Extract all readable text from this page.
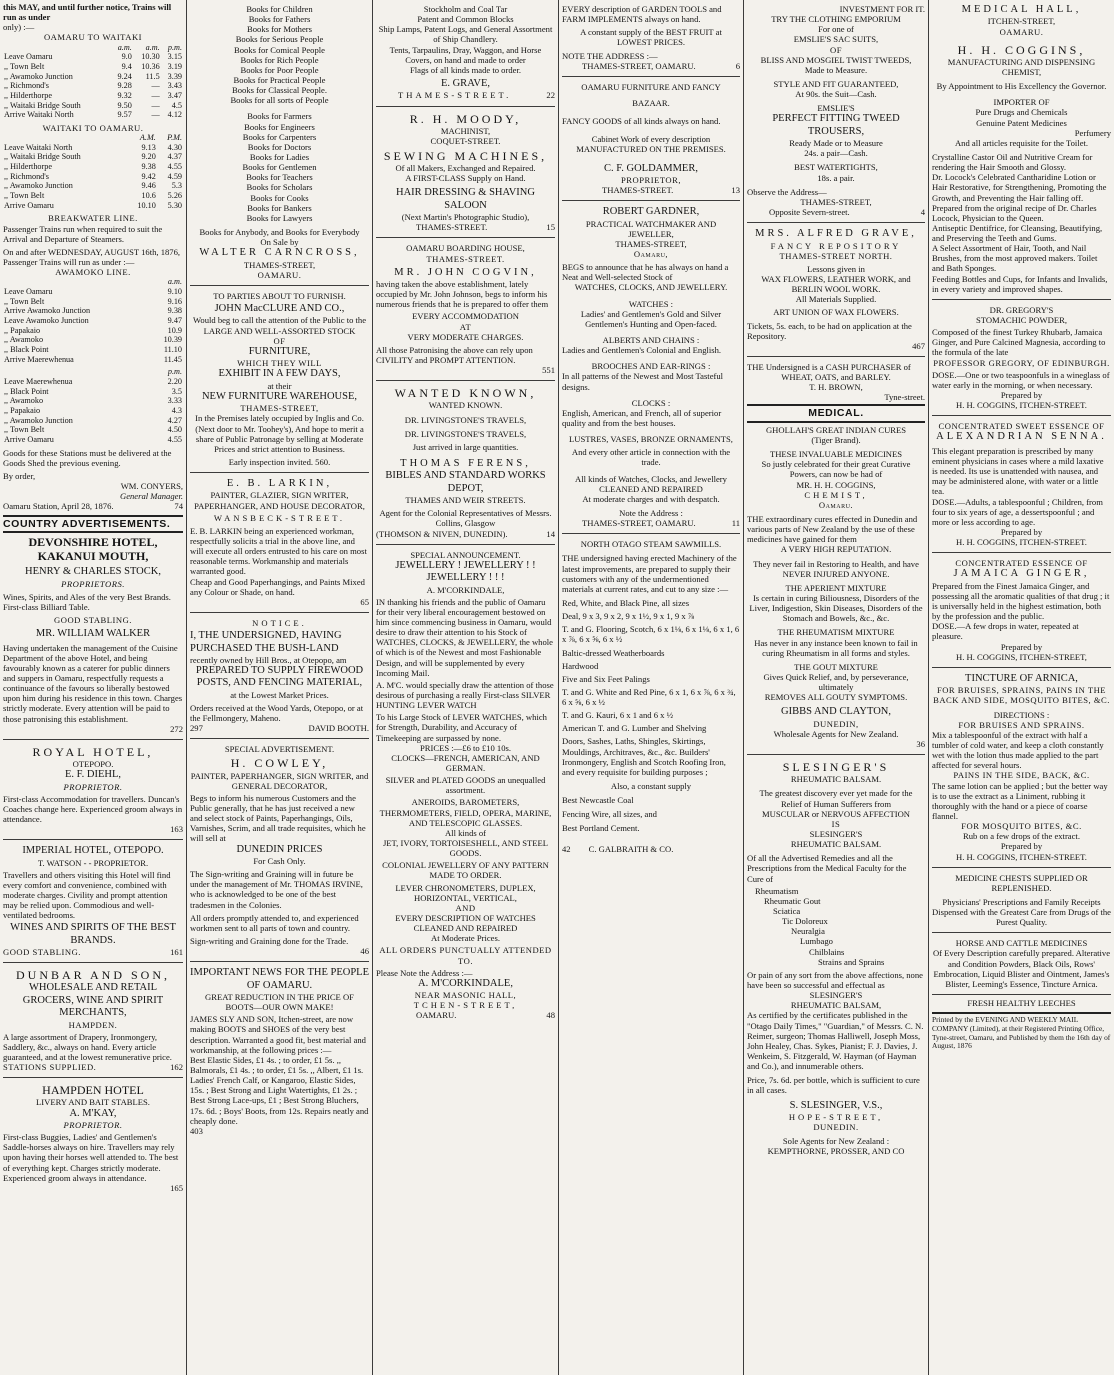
this MAY, and until further notice, Trains will run as under
only) :—
OAMARU TO WAITAKI
	a.m.	a.m.	p.m.
Leave Oamaru	9.0	10.30	3.15
,, Town Belt	9.4	10.36	3.19
,, Awamoko Junction	9.24	11.5	3.39
,, Richmond's	9.28	—	3.43
,, Hilderthorpe	9.32	—	3.47
,, Waitaki Bridge South	9.50	—	4.5
Arrive Waitaki North	9.57	—	4.12
WAITAKI TO OAMARU.
	A.M.	P.M.
Leave Waitaki North	9.13	4.30
,, Waitaki Bridge South	9.20	4.37
,, Hilderthorpe	9.38	4.55
,, Richmond's	9.42	4.59
,, Awamoko Junction	9.46	5.3
,, Town Belt	10.6	5.26
Arrive Oamaru	10.10	5.30
BREAKWATER LINE.
Passenger Trains run when required to suit the Arrival and Departure of Steamers.
On and after WEDNESDAY, AUGUST 16th, 1876, Passenger Trains will run as under :—
AWAMOKO LINE.
	a.m.
Leave Oamaru	9.10
,, Town Belt	9.16
Arrive Awamoko Junction	9.38
Leave Awamoko Junction	9.47
,, Papakaio	10.9
,, Awamoko	10.39
,, Black Point	11.10
Arrive Maerewhenua	11.45
	p.m.
Leave Maerewhenua	2.20
,, Black Point	3.5
,, Awamoko	3.33
,, Papakaio	4.3
,, Awamoko Junction	4.27
,, Town Belt	4.50
Arrive Oamaru	4.55
Goods for these Stations must be delivered at the Goods Shed the previous evening.
By order,
WM. CONYERS,
General Manager.
Oamaru Station, April 28, 1876.	74
COUNTRY ADVERTISEMENTS.
DEVONSHIRE HOTEL, KAKANUI MOUTH,
HENRY & CHARLES STOCK,
PROPRIETORS.
Wines, Spirits, and Ales of the very Best Brands. First-class Billiard Table.
GOOD STABLING.
MR. WILLIAM WALKER
Having undertaken the management of the Cuisine Department of the above Hotel, and being favourably known as a caterer for public dinners and suppers in Oamaru, respectfully requests a continuance of the favours so liberally bestowed upon him during his residence in this town. Charges strictly moderate. Every attention will be paid to those patronising this establishment.
272
ROYAL HOTEL,
OTEPOPO.
E. F. DIEHL,
PROPRIETOR.
First-class Accommodation for travellers. Duncan's Coaches change here. Experienced groom always in attendance.
163
IMPERIAL HOTEL, OTEPOPO.
T. WATSON - - PROPRIETOR.
Travellers and others visiting this Hotel will find every comfort and convenience, combined with moderate charges. Civility and prompt attention may be relied upon. Commodious and well-ventilated bedrooms.
WINES AND SPIRITS OF THE BEST BRANDS.
GOOD STABLING.	161
DUNBAR AND SON,
WHOLESALE AND RETAIL GROCERS, WINE AND SPIRIT MERCHANTS,
HAMPDEN.
A large assortment of Drapery, Ironmongery, Saddlery, &c., always on hand. Every article guaranteed, and at the lowest remunerative price.
STATIONS SUPPLIED.	162
HAMPDEN HOTEL
LIVERY AND BAIT STABLES.
A. M'KAY,
PROPRIETOR.
First-class Buggies, Ladies' and Gentlemen's Saddle-horses always on hire. Travellers may rely upon having their horses well attended to. The best of everything kept. Charges strictly moderate. Experienced groom always in attendance.
165
Books for Children
Books for Fathers
Books for Mothers
Books for Serious People
Books for Comical People
Books for Rich People
Books for Poor People
Books for Practical People
Books for Classical People.
Books for all sorts of People
Books for Farmers
Books for Engineers
Books for Carpenters
Books for Doctors
Books for Ladies
Books for Gentlemen
Books for Teachers
Books for Scholars
Books for Cooks
Books for Bankers
Books for Lawyers
Books for Anybody, and Books for Everybody
On Sale by
WALTER CARNCROSS,
THAMES-STREET,
OAMARU.
TO PARTIES ABOUT TO FURNISH.
JOHN MacCLURE AND CO.,
Would beg to call the attention of the Public to the
LARGE AND WELL-ASSORTED STOCK
OF
FURNITURE,
WHICH THEY WILL
EXHIBIT IN A FEW DAYS,
at their
NEW FURNITURE WAREHOUSE,
THAMES-STREET,
In the Premises lately occupied by Inglis and Co. (Next door to Mr. Toohey's), And hope to merit a share of Public Patronage by selling at Moderate Prices and strict attention to Business.
Early inspection invited. 560.
E. B. LARKIN,
PAINTER, GLAZIER, SIGN WRITER, PAPERHANGER, AND HOUSE DECORATOR,
WANSBECK-STREET.
E. B. LARKIN being an experienced workman, respectfully solicits a trial in the above line, and will execute all orders entrusted to his care on most reasonable terms. Workmanship and materials warranted good.
Cheap and Good Paperhangings, and Paints Mixed any Colour or Shade, on hand.
65
NOTICE.
I, THE UNDERSIGNED, HAVING PURCHASED THE BUSH-LAND
recently owned by Hill Bros., at Otepopo, am
PREPARED TO SUPPLY FIREWOOD
POSTS, AND FENCING MATERIAL,
at the Lowest Market Prices.
Orders received at the Wood Yards, Otepopo, or at the Fellmongery, Maheno.
297	DAVID BOOTH.
SPECIAL ADVERTISEMENT.
H. COWLEY,
PAINTER, PAPERHANGER, SIGN WRITER, and GENERAL DECORATOR,
Begs to inform his numerous Customers and the Public generally, that he has just received a new and select stock of Paints, Paperhangings, Oils, Varnishes, Scrim, and all trade requisites, which he will sell at
DUNEDIN PRICES
For Cash Only.
The Sign-writing and Graining will in future be under the management of Mr. THOMAS IRVINE, who is acknowledged to be one of the best tradesmen in the Colonies.
All orders promptly attended to, and experienced workmen sent to all parts of town and country.
Sign-writing and Graining done for the Trade.
46
IMPORTANT NEWS FOR THE PEOPLE OF OAMARU.
GREAT REDUCTION IN THE PRICE OF BOOTS—OUR OWN MAKE!
JAMES SLY AND SON, Itchen-street, are now making BOOTS and SHOES of the very best description. Warranted a good fit, best material and workmanship, at the following prices :—
Best Elastic Sides, £1 4s. ; to order, £1 5s. ,, Balmorals, £1 4s. ; to order, £1 5s. ,, Albert, £1 1s. Ladies' French Calf, or Kangaroo, Elastic Sides, 15s. ; Best Strong and Light Watertights, £1 2s. ; Best Strong Lace-ups, £1 ; Best Strong Bluchers, 17s. 6d. ; Boys' Boots, from 12s. Repairs neatly and cheaply done.
403
Stockholm and Coal Tar
Patent and Common Blocks
Ship Lamps, Patent Logs, and General Assortment of Ship Chandlery.
Tents, Tarpaulins, Dray, Waggon, and Horse Covers, on hand and made to order
Flags of all kinds made to order.
E. GRAVE,
THAMES-STREET.	22
R. H. MOODY,
MACHINIST,
COQUET-STREET.
SEWING MACHINES,
Of all Makers, Exchanged and Repaired.
A FIRST-CLASS Supply on Hand.
HAIR DRESSING & SHAVING SALOON
(Next Martin's Photographic Studio),
THAMES-STREET.	15
OAMARU BOARDING HOUSE,
THAMES-STREET.
MR. JOHN COGVIN,
having taken the above establishment, lately occupied by Mr. John Johnson, begs to inform his numerous friends that he is prepared to offer them
EVERY ACCOMMODATION
AT
VERY MODERATE CHARGES.
All those Patronising the above can rely upon CIVILITY and PROMPT ATTENTION.
551
WANTED KNOWN,
WANTED KNOWN.
DR. LIVINGSTONE'S TRAVELS,
DR. LIVINGSTONE'S TRAVELS,
Just arrived in large quantities.
THOMAS FERENS,
BIBLES AND STANDARD WORKS DEPOT,
THAMES AND WEIR STREETS.
Agent for the Colonial Representatives of Messrs. Collins, Glasgow
(THOMSON & NIVEN, DUNEDIN).	14
SPECIAL ANNOUNCEMENT.
JEWELLERY ! JEWELLERY ! ! JEWELLERY ! ! !
A. M'CORKINDALE,
IN thanking his friends and the public of Oamaru for their very liberal encouragement bestowed on him since commencing business in Oamaru, would desire to draw their attention to his Stock of WATCHES, CLOCKS, & JEWELLERY, the whole of which is of the Newest and most Fashionable Design, and will be supplemented by every Incoming Mail.
A. M'C. would specially draw the attention of those desirous of purchasing a really First-class SILVER HUNTING LEVER WATCH
To his Large Stock of LEVER WATCHES, which for Strength, Durability, and Accuracy of Timekeeping are surpassed by none.
PRICES :—£6 to £10 10s.
CLOCKS—FRENCH, AMERICAN, AND GERMAN.
SILVER and PLATED GOODS an unequalled assortment.
ANEROIDS, BAROMETERS, THERMOMETERS, FIELD, OPERA, MARINE, AND TELESCOPIC GLASSES.
All kinds of
JET, IVORY, TORTOISESHELL, AND STEEL GOODS.
COLONIAL JEWELLERY OF ANY PATTERN MADE TO ORDER.
LEVER CHRONOMETERS, DUPLEX, HORIZONTAL, VERTICAL,
AND
EVERY DESCRIPTION OF WATCHES CLEANED AND REPAIRED
At Moderate Prices.
ALL ORDERS PUNCTUALLY ATTENDED TO.
Please Note the Address :—
A. M'CORKINDALE,
NEAR MASONIC HALL,
TCHEN-STREET,
OAMARU.	48
EVERY description of GARDEN TOOLS and FARM IMPLEMENTS always on hand.
A constant supply of the BEST FRUIT at LOWEST PRICES.
NOTE THE ADDRESS :—
THAMES-STREET, OAMARU.	6
OAMARU FURNITURE AND FANCY
BAZAAR.
FANCY GOODS of all kinds always on hand.
Cabinet Work of every description
MANUFACTURED ON THE PREMISES.
C. F. GOLDAMMER,
PROPRIETOR,
THAMES-STREET.	13
ROBERT GARDNER,
PRACTICAL WATCHMAKER AND JEWELLER,
THAMES-STREET,
Oamaru,
BEGS to announce that he has always on hand a Neat and Well-selected Stock of
WATCHES, CLOCKS, AND JEWELLERY.
WATCHES :
Ladies' and Gentlemen's Gold and Silver Gentlemen's Hunting and Open-faced.
ALBERTS AND CHAINS :
Ladies and Gentlemen's Colonial and English.
BROOCHES AND EAR-RINGS :
In all patterns of the Newest and Most Tasteful designs.
CLOCKS :
English, American, and French, all of superior quality and from the best houses.
LUSTRES, VASES, BRONZE ORNAMENTS,
And every other article in connection with the trade.
All kinds of Watches, Clocks, and Jewellery
CLEANED AND REPAIRED
At moderate charges and with despatch.
Note the Address :
THAMES-STREET, OAMARU.	11
NORTH OTAGO STEAM SAWMILLS.
THE undersigned having erected Machinery of the latest improvements, are prepared to supply their customers with any of the undermentioned materials at current rates, and cut to any size :—
Red, White, and Black Pine, all sizes
Deal, 9 x 3, 9 x 2, 9 x 1½, 9 x 1, 9 x ⅞
T. and G. Flooring, Scotch, 6 x 1⅛, 6 x 1⅛, 6 x 1, 6 x ⅞, 6 x ⅝, 6 x ½
Baltic-dressed Weatherboards
Hardwood
Five and Six Feet Palings
T. and G. White and Red Pine, 6 x 1, 6 x ⅞, 6 x ¾, 6 x ⅝, 6 x ½
T. and G. Kauri, 6 x 1 and 6 x ½
American T. and G. Lumber and Shelving
Doors, Sashes, Laths, Shingles, Skirtings, Mouldings, Architraves, &c., &c. Builders' Ironmongery, English and Scotch Roofing Iron, and every requisite for building purposes ;
Also, a constant supply
Best Newcastle Coal
Fencing Wire, all sizes, and
Best Portland Cement.
42 C. GALBRAITH & CO.
INVESTMENT FOR IT.
TRY THE CLOTHING EMPORIUM
For one of
EMSLIE'S SAC SUITS,
OF
BLISS AND MOSGIEL TWIST TWEEDS,
Made to Measure.
STYLE AND FIT GUARANTEED,
At 90s. the Suit—Cash.
EMSLIE'S
PERFECT FITTING TWEED TROUSERS,
Ready Made or to Measure
24s. a pair—Cash.
BEST WATERTIGHTS,
18s. a pair.
Observe the Address—
THAMES-STREET,
Opposite Severn-street.	4
MRS. ALFRED GRAVE,
FANCY REPOSITORY
THAMES-STREET NORTH.
Lessons given in
WAX FLOWERS, LEATHER WORK, and BERLIN WOOL WORK.
All Materials Supplied.
ART UNION OF WAX FLOWERS.
Tickets, 5s. each, to be had on application at the Repository.
467
THE Undersigned is a CASH PURCHASER of
WHEAT, OATS, and BARLEY.
T. H. BROWN,
Tyne-street.
MEDICAL.
GHOLLAH'S GREAT INDIAN CURES
(Tiger Brand).
THESE INVALUABLE MEDICINES
So justly celebrated for their great Curative Powers, can now be had of
MR. H. H. COGGINS,
CHEMIST,
Oamaru.
THE extraordinary cures effected in Dunedin and various parts of New Zealand by the use of these medicines have gained for them
A VERY HIGH REPUTATION.
They never fail in Restoring to Health, and have
NEVER INJURED ANYONE.
THE APERIENT MIXTURE
Is certain in curing Biliousness, Disorders of the Liver, Indigestion, Skin Diseases, Disorders of the Stomach and Bowels, &c., &c.
THE RHEUMATISM MIXTURE
Has never in any instance been known to fail in curing Rheumatism in all forms and styles.
THE GOUT MIXTURE
Gives Quick Relief, and, by perseverance, ultimately
REMOVES ALL GOUTY SYMPTOMS.
GIBBS AND CLAYTON,
DUNEDIN,
Wholesale Agents for New Zealand.
36
SLESINGER'S
RHEUMATIC BALSAM.
The greatest discovery ever yet made for the
Relief of Human Sufferers from
MUSCULAR or NERVOUS AFFECTION
IS
SLESINGER'S
RHEUMATIC BALSAM.
Of all the Advertised Remedies and all the Prescriptions from the Medical Faculty for the Cure of
Rheumatism
Rheumatic Gout
Sciatica
Tic Doloreux
Neuralgia
Lumbago
Chilblains
Strains and Sprains
Or pain of any sort from the above affections, none have been so successful and effectual as
SLESINGER'S
RHEUMATIC BALSAM,
As certified by the certificates published in the "Otago Daily Times," "Guardian," of Messrs. C. N. Reimer, surgeon; Thomas Halliwell, Joseph Moss, John Healey, Chas. Sykes, Pianist; F. J. Davies, J. Wenkeim, S. Fitzgerald, W. Hayman (of Hayman and Co.), and innumerable others.
Price, 7s. 6d. per bottle, which is sufficient to cure in all cases.
S. SLESINGER, V.S.,
HOPE-STREET,
DUNEDIN.
Sole Agents for New Zealand :
KEMPTHORNE, PROSSER, AND CO
MEDICAL HALL,
ITCHEN-STREET,
OAMARU.
H. H. COGGINS,
MANUFACTURING AND DISPENSING
CHEMIST,
By Appointment to His Excellency the Governor.
IMPORTER OF
Pure Drugs and Chemicals
Genuine Patent Medicines
Perfumery
And all articles requisite for the Toilet.
Crystalline Castor Oil and Nutritive Cream for rendering the Hair Smooth and Glossy.
Dr. Locock's Celebrated Cantharidine Lotion or Hair Restorative, for Strengthening, Promoting the Growth, and Preventing the Hair falling off. Prepared from the original recipe of Dr. Charles Locock, Physician to the Queen.
Antiseptic Dentifrice, for Cleansing, Beautifying, and Preserving the Teeth and Gums.
A Select Assortment of Hair, Tooth, and Nail Brushes, from the most approved makers. Toilet and Bath Sponges.
Feeding Bottles and Cups, for Infants and Invalids, in every variety and improved shapes.
DR. GREGORY'S
STOMACHIC POWDER,
Composed of the finest Turkey Rhubarb, Jamaica Ginger, and Pure Calcined Magnesia, according to the formula of the late
PROFESSOR GREGORY, OF EDINBURGH.
DOSE.—One or two teaspoonfuls in a wineglass of water early in the morning, or when necessary.
Prepared by
H. H. COGGINS, ITCHEN-STREET.
CONCENTRATED SWEET ESSENCE OF
ALEXANDRIAN SENNA.
This elegant preparation is prescribed by many eminent physicians in cases where a mild laxative is needed. Its use is unattended with nausea, and may be administered alone, with water or a little tea.
DOSE.—Adults, a tablespoonful ; Children, from four to six years of age, a dessertspoonful ; and more or less according to age.
Prepared by
H. H. COGGINS, ITCHEN-STREET.
CONCENTRATED ESSENCE OF
JAMAICA GINGER,
Prepared from the Finest Jamaica Ginger, and possessing all the aromatic qualities of that drug ; it is universally held in the highest estimation, both by the profession and the public.
DOSE.—A few drops in water, repeated at pleasure.
Prepared by
H. H. COGGINS, ITCHEN-STREET,
TINCTURE OF ARNICA,
FOR BRUISES, SPRAINS, PAINS IN THE BACK AND SIDE, MOSQUITO BITES, &C.
DIRECTIONS :
FOR BRUISES AND SPRAINS.
Mix a tablespoonful of the extract with half a tumbler of cold water, and keep a cloth constantly wet with the lotion thus made applied to the part affected for several hours.
PAINS IN THE SIDE, BACK, &C.
The same lotion can be applied ; but the better way is to use the extract as a Liniment, rubbing it thoroughly with the hand or a piece of coarse flannel.
FOR MOSQUITO BITES, &C.
Rub on a few drops of the extract.
Prepared by
H. H. COGGINS, ITCHEN-STREET.
MEDICINE CHESTS SUPPLIED OR REPLENISHED.
Physicians' Prescriptions and Family Receipts Dispensed with the Greatest Care from Drugs of the Purest Quality.
HORSE AND CATTLE MEDICINES
Of Every Description carefully prepared. Alterative and Condition Powders, Black Oils, Rows' Embrocation, Liquid Blister and Ointment, James's Blister, Leeming's Essence, Tincture Arnica.
FRESH HEALTHY LEECHES
Printed by the EVENING AND WEEKLY MAIL COMPANY (Limited), at their Registered Printing Office, Tyne-street, Oamaru, and Published by them the 16th day of August, 1876
